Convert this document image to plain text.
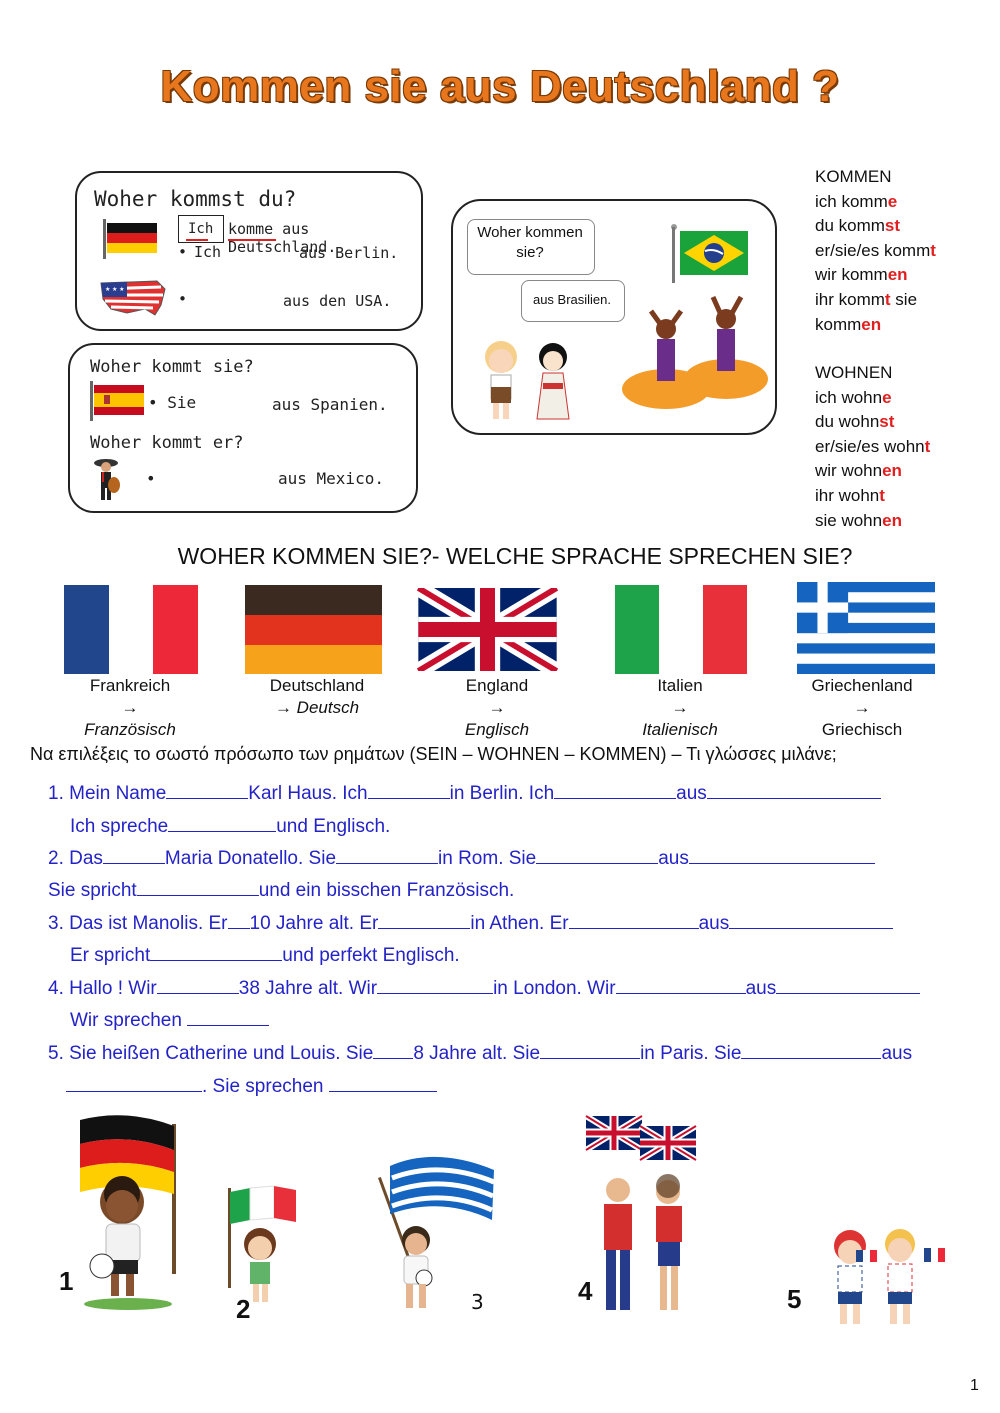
Kommen sie aus Deutschland ?
Woher kommst du?
Ich komme aus Deutschland.
• Ich	aus Berlin.
★ ★ ★	•	aus den USA.
Woher kommt sie?
• Sie	aus Spanien.
Woher kommt er?
•	aus Mexico.
Woher kommen sie?
aus Brasilien.
KOMMEN
ich komme
du kommst
er/sie/es kommt
wir kommen
ihr kommt sie
kommen
WOHNEN
ich wohne
du wohnst
er/sie/es wohnt
wir wohnen
ihr wohnt
sie wohnen
WOHER KOMMEN SIE?- WELCHE SPRACHE SPRECHEN SIE?
Frankreich
→
Französisch
Deutschland
→ Deutsch
England
→
Englisch
Italien
→
Italienisch
Griechenland
→
Griechisch
Να επιλέξεις το σωστό πρόσωπο των ρημάτων (SEIN – WOHNEN – KOMMEN) – Τι γλώσσες μιλάνε;
1. Mein Name	Karl Haus. Ich	in Berlin. Ich	aus
Ich spreche	und Englisch.
2. Das	Maria Donatello. Sie	in Rom. Sie	aus
Sie spricht	und ein bisschen Französisch.
3. Das ist Manolis. Er 10 Jahre alt. Er	in Athen. Er	aus
Er spricht	und perfekt Englisch.
4. Hallo ! Wir	38 Jahre alt. Wir	in London. Wir	aus
Wir sprechen
5. Sie heißen Catherine und Louis. Sie 8 Jahre alt. Sie	in Paris. Sie	aus
. Sie sprechen
1
2	3	4	5
1
